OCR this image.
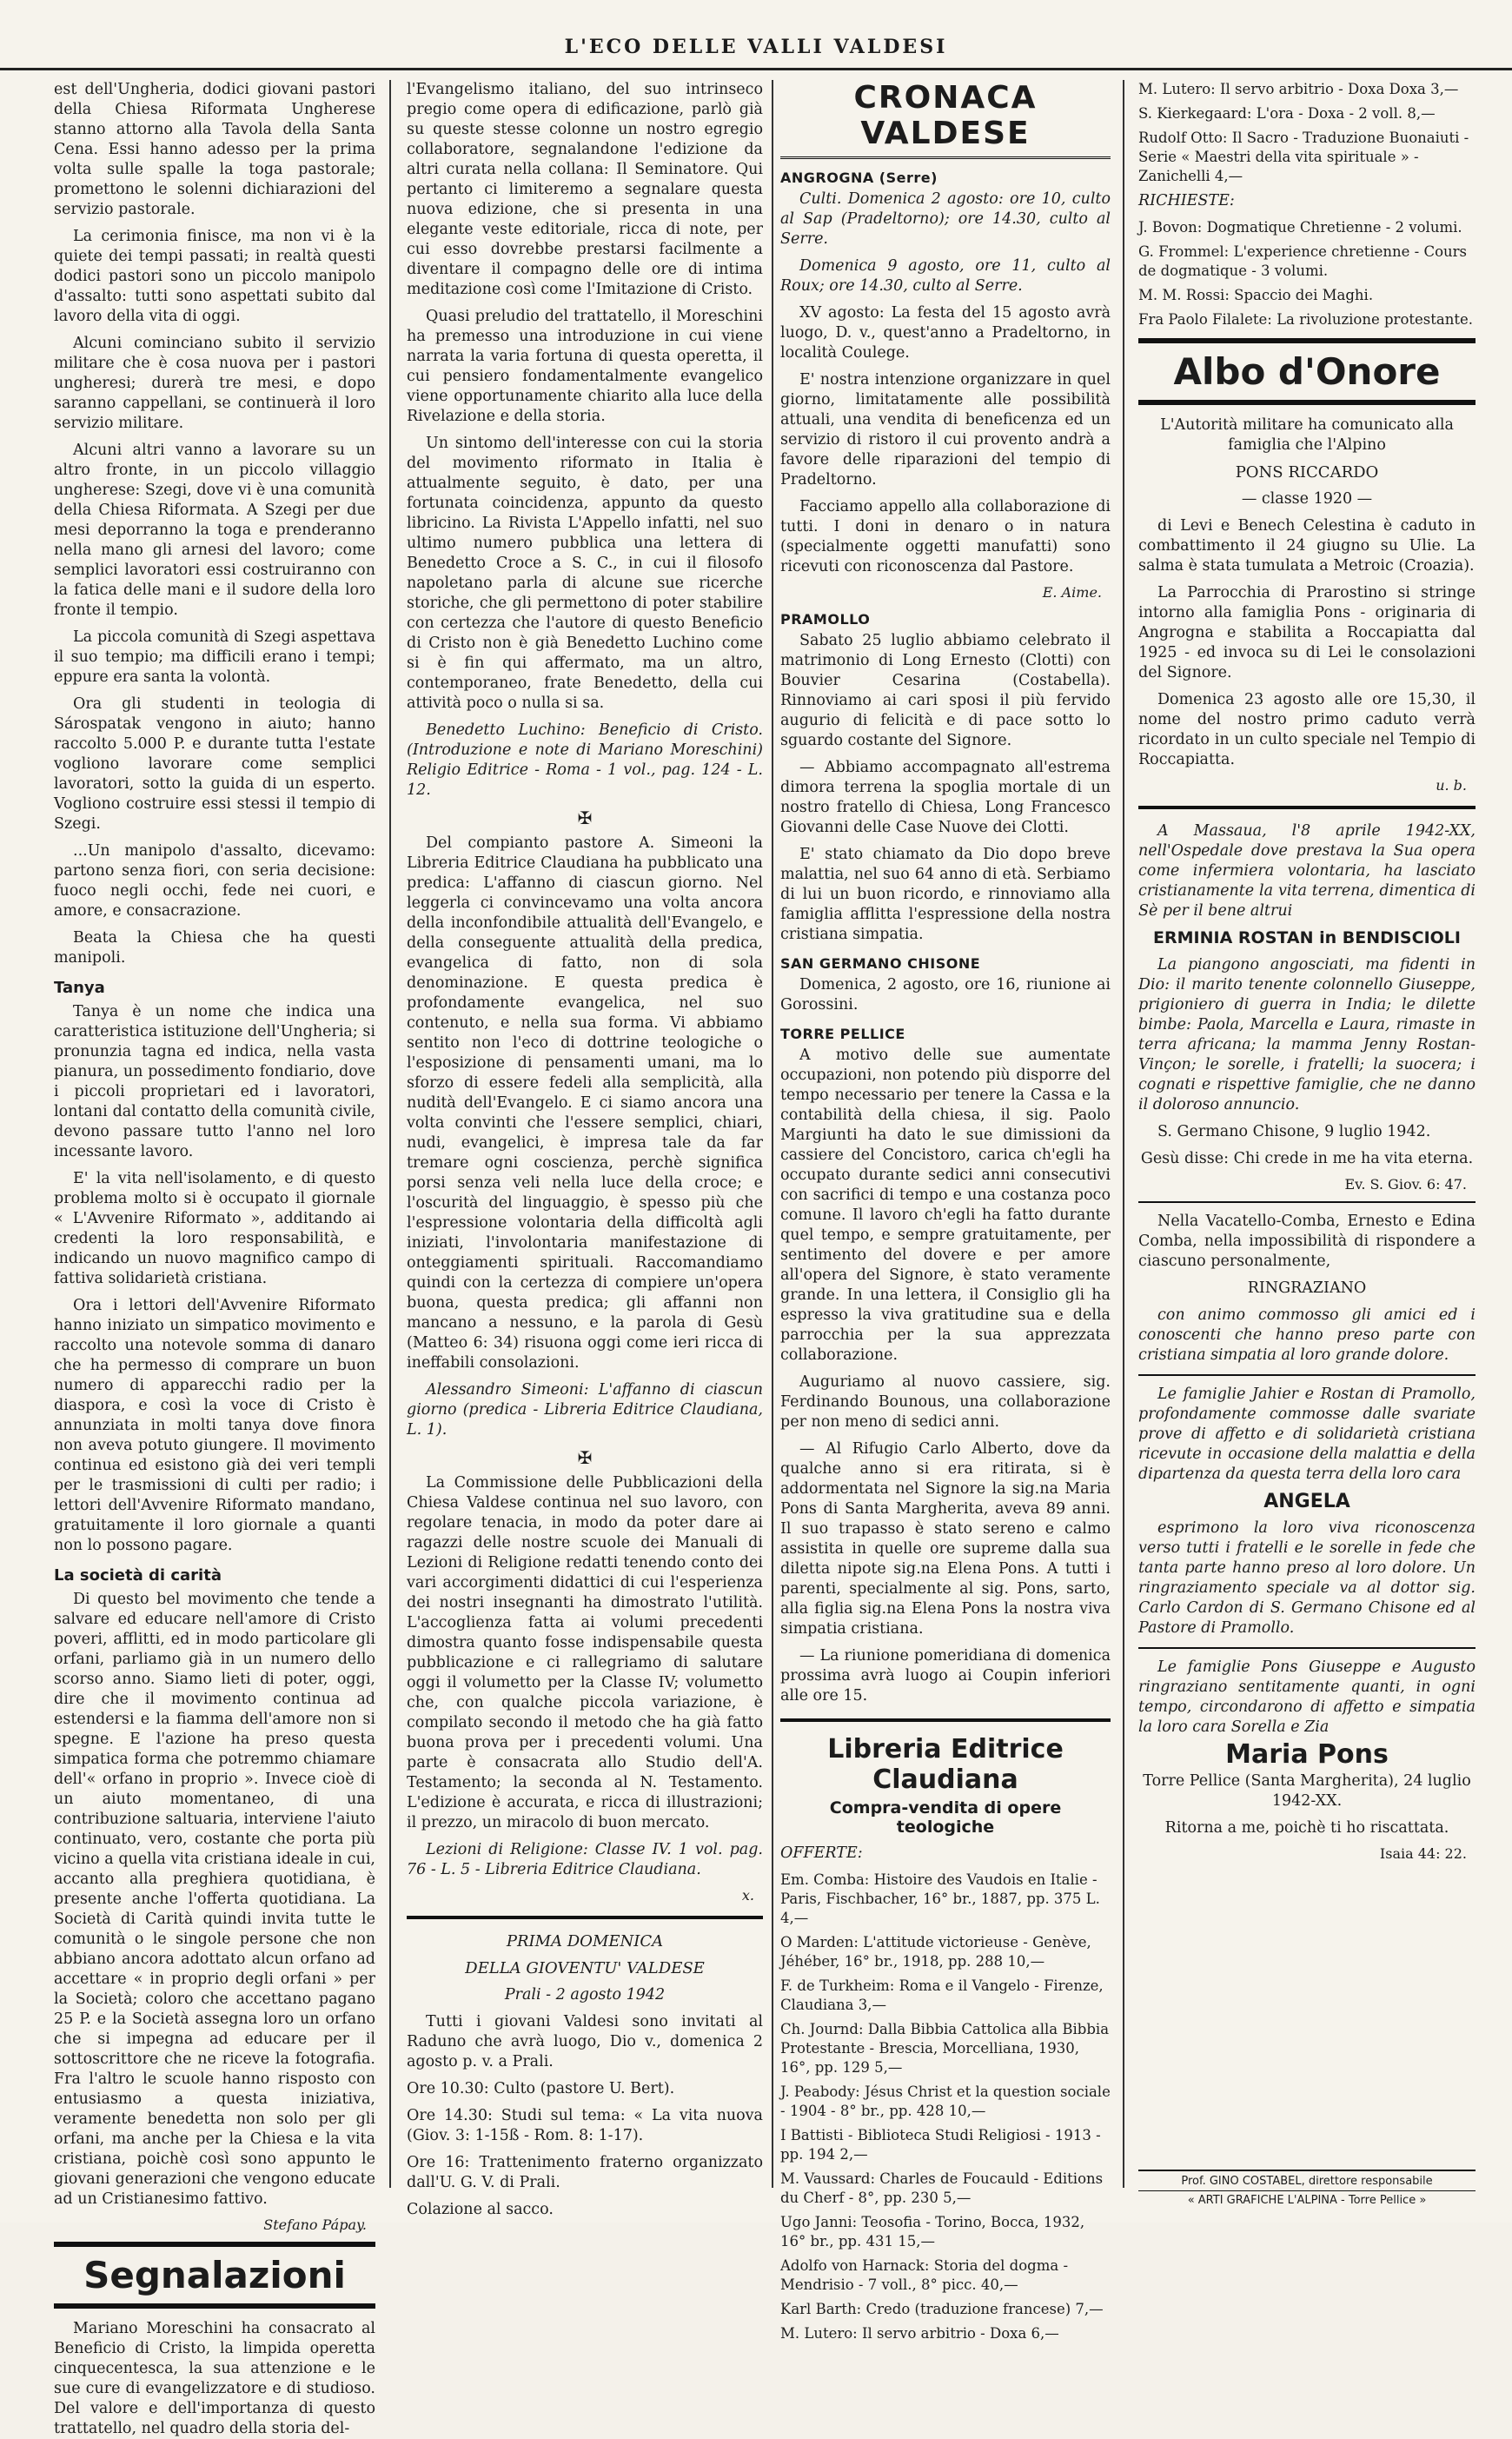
L'ECO DELLE VALLI VALDESI

est dell'Ungheria, dodici giovani pastori della Chiesa Riformata Ungherese stanno attorno alla Tavola della Santa Cena. Essi hanno adesso per la prima volta sulle spalle la toga pastorale; promettono le solenni dichiarazioni del servizio pastorale.

La cerimonia finisce, ma non vi è la quiete dei tempi passati; in realtà questi dodici pastori sono un piccolo manipolo d'assalto: tutti sono aspettati subito dal lavoro della vita di oggi.

Alcuni cominciano subito il servizio militare che è cosa nuova per i pastori ungheresi; durerà tre mesi, e dopo saranno cappellani, se continuerà il loro servizio militare.

Alcuni altri vanno a lavorare su un altro fronte, in un piccolo villaggio ungherese: Szegi, dove vi è una comunità della Chiesa Riformata. A Szegi per due mesi deporranno la toga e prenderanno nella mano gli arnesi del lavoro; come semplici lavoratori essi costruiranno con la fatica delle mani e il sudore della loro fronte il tempio.

La piccola comunità di Szegi aspettava il suo tempio; ma difficili erano i tempi; eppure era santa la volontà.

Ora gli studenti in teologia di Sárospatak vengono in aiuto; hanno raccolto 5.000 P. e durante tutta l'estate vogliono lavorare come semplici lavoratori, sotto la guida di un esperto. Vogliono costruire essi stessi il tempio di Szegi.

...Un manipolo d'assalto, dicevamo: partono senza fiori, con seria decisione: fuoco negli occhi, fede nei cuori, e amore, e consacrazione.

Beata la Chiesa che ha questi manipoli.

Tanya

Tanya è un nome che indica una caratteristica istituzione dell'Ungheria; si pronunzia tagna ed indica, nella vasta pianura, un possedimento fondiario, dove i piccoli proprietari ed i lavoratori, lontani dal contatto della comunità civile, devono passare tutto l'anno nel loro incessante lavoro.

E' la vita nell'isolamento, e di questo problema molto si è occupato il giornale « L'Avvenire Riformato », additando ai credenti la loro responsabilità, e indicando un nuovo magnifico campo di fattiva solidarietà cristiana.

Ora i lettori dell'Avvenire Riformato hanno iniziato un simpatico movimento e raccolto una notevole somma di danaro che ha permesso di comprare un buon numero di apparecchi radio per la diaspora, e così la voce di Cristo è annunziata in molti tanya dove finora non aveva potuto giungere. Il movimento continua ed esistono già dei veri templi per le trasmissioni di culti per radio; i lettori dell'Avvenire Riformato mandano, gratuitamente il loro giornale a quanti non lo possono pagare.

La società di carità

Di questo bel movimento che tende a salvare ed educare nell'amore di Cristo poveri, afflitti, ed in modo particolare gli orfani, parliamo già in un numero dello scorso anno. Siamo lieti di poter, oggi, dire che il movimento continua ad estendersi e la fiamma dell'amore non si spegne. E l'azione ha preso questa simpatica forma che potremmo chiamare dell'« orfano in proprio ». Invece cioè di un aiuto momentaneo, di una contribuzione saltuaria, interviene l'aiuto continuato, vero, costante che porta più vicino a quella vita cristiana ideale in cui, accanto alla preghiera quotidiana, è presente anche l'offerta quotidiana. La Società di Carità quindi invita tutte le comunità o le singole persone che non abbiano ancora adottato alcun orfano ad accettare « in proprio degli orfani » per la Società; coloro che accettano pagano 25 P. e la Società assegna loro un orfano che si impegna ad educare per il sottoscrittore che ne riceve la fotografia. Fra l'altro le scuole hanno risposto con entusiasmo a questa iniziativa, veramente benedetta non solo per gli orfani, ma anche per la Chiesa e la vita cristiana, poichè così sono appunto le giovani generazioni che vengono educate ad un Cristianesimo fattivo.

Stefano Pápay.
Segnalazioni

Mariano Moreschini ha consacrato al Beneficio di Cristo, la limpida operetta cinquecentesca, la sua attenzione e le sue cure di evangelizzatore e di studioso. Del valore e dell'importanza di questo trattatello, nel quadro della storia del-

l'Evangelismo italiano, del suo intrinseco pregio come opera di edificazione, parlò già su queste stesse colonne un nostro egregio collaboratore, segnalandone l'edizione da altri curata nella collana: Il Seminatore. Qui pertanto ci limiteremo a segnalare questa nuova edizione, che si presenta in una elegante veste editoriale, ricca di note, per cui esso dovrebbe prestarsi facilmente a diventare il compagno delle ore di intima meditazione così come l'Imitazione di Cristo.

Quasi preludio del trattatello, il Moreschini ha premesso una introduzione in cui viene narrata la varia fortuna di questa operetta, il cui pensiero fondamentalmente evangelico viene opportunamente chiarito alla luce della Rivelazione e della storia.

Un sintomo dell'interesse con cui la storia del movimento riformato in Italia è attualmente seguito, è dato, per una fortunata coincidenza, appunto da questo libricino. La Rivista L'Appello infatti, nel suo ultimo numero pubblica una lettera di Benedetto Croce a S. C., in cui il filosofo napoletano parla di alcune sue ricerche storiche, che gli permettono di poter stabilire con certezza che l'autore di questo Beneficio di Cristo non è già Benedetto Luchino come si è fin qui affermato, ma un altro, contemporaneo, frate Benedetto, della cui attività poco o nulla si sa.

Benedetto Luchino: Beneficio di Cristo. (Introduzione e note di Mariano Moreschini) Religio Editrice - Roma - 1 vol., pag. 124 - L. 12.

✠

Del compianto pastore A. Simeoni la Libreria Editrice Claudiana ha pubblicato una predica: L'affanno di ciascun giorno. Nel leggerla ci convincevamo una volta ancora della inconfondibile attualità dell'Evangelo, e della conseguente attualità della predica, evangelica di fatto, non di sola denominazione. E questa predica è profondamente evangelica, nel suo contenuto, e nella sua forma. Vi abbiamo sentito non l'eco di dottrine teologiche o l'esposizione di pensamenti umani, ma lo sforzo di essere fedeli alla semplicità, alla nudità dell'Evangelo. E ci siamo ancora una volta convinti che l'essere semplici, chiari, nudi, evangelici, è impresa tale da far tremare ogni coscienza, perchè significa porsi senza veli nella luce della croce; e l'oscurità del linguaggio, è spesso più che l'espressione volontaria della difficoltà agli iniziati, l'involontaria manifestazione di onteggiamenti spirituali. Raccomandiamo quindi con la certezza di compiere un'opera buona, questa predica; gli affanni non mancano a nessuno, e la parola di Gesù (Matteo 6: 34) risuona oggi come ieri ricca di ineffabili consolazioni.

Alessandro Simeoni: L'affanno di ciascun giorno (predica - Libreria Editrice Claudiana, L. 1).

✠

La Commissione delle Pubblicazioni della Chiesa Valdese continua nel suo lavoro, con regolare tenacia, in modo da poter dare ai ragazzi delle nostre scuole dei Manuali di Lezioni di Religione redatti tenendo conto dei vari accorgimenti didattici di cui l'esperienza dei nostri insegnanti ha dimostrato l'utilità. L'accoglienza fatta ai volumi precedenti dimostra quanto fosse indispensabile questa pubblicazione e ci rallegriamo di salutare oggi il volumetto per la Classe IV; volumetto che, con qualche piccola variazione, è compilato secondo il metodo che ha già fatto buona prova per i precedenti volumi. Una parte è consacrata allo Studio dell'A. Testamento; la seconda al N. Testamento. L'edizione è accurata, e ricca di illustrazioni; il prezzo, un miracolo di buon mercato.

Lezioni di Religione: Classe IV. 1 vol. pag. 76 - L. 5 - Libreria Editrice Claudiana.

x.

PRIMA DOMENICA

DELLA GIOVENTU' VALDESE

Prali - 2 agosto 1942

Tutti i giovani Valdesi sono invitati al Raduno che avrà luogo, Dio v., domenica 2 agosto p. v. a Prali.

Ore 10.30: Culto (pastore U. Bert).

Ore 14.30: Studi sul tema: « La vita nuova (Giov. 3: 1-15ß - Rom. 8: 1-17).

Ore 16: Trattenimento fraterno organizzato dall'U. G. V. di Prali.

Colazione al sacco.

CRONACA VALDESE
ANGROGNA (Serre)

Culti. Domenica 2 agosto: ore 10, culto al Sap (Pradeltorno); ore 14.30, culto al Serre.

Domenica 9 agosto, ore 11, culto al Roux; ore 14.30, culto al Serre.

XV agosto: La festa del 15 agosto avrà luogo, D. v., quest'anno a Pradeltorno, in località Coulege.

E' nostra intenzione organizzare in quel giorno, limitatamente alle possibilità attuali, una vendita di beneficenza ed un servizio di ristoro il cui provento andrà a favore delle riparazioni del tempio di Pradeltorno.

Facciamo appello alla collaborazione di tutti. I doni in denaro o in natura (specialmente oggetti manufatti) sono ricevuti con riconoscenza dal Pastore.

E. Aime.
PRAMOLLO

Sabato 25 luglio abbiamo celebrato il matrimonio di Long Ernesto (Clotti) con Bouvier Cesarina (Costabella). Rinnoviamo ai cari sposi il più fervido augurio di felicità e di pace sotto lo sguardo costante del Signore.

— Abbiamo accompagnato all'estrema dimora terrena la spoglia mortale di un nostro fratello di Chiesa, Long Francesco Giovanni delle Case Nuove dei Clotti.

E' stato chiamato da Dio dopo breve malattia, nel suo 64 anno di età. Serbiamo di lui un buon ricordo, e rinnoviamo alla famiglia afflitta l'espressione della nostra cristiana simpatia.

SAN GERMANO CHISONE

Domenica, 2 agosto, ore 16, riunione ai Gorossini.

TORRE PELLICE

A motivo delle sue aumentate occupazioni, non potendo più disporre del tempo necessario per tenere la Cassa e la contabilità della chiesa, il sig. Paolo Margiunti ha dato le sue dimissioni da cassiere del Concistoro, carica ch'egli ha occupato durante sedici anni consecutivi con sacrifici di tempo e una costanza poco comune. Il lavoro ch'egli ha fatto durante quel tempo, e sempre gratuitamente, per sentimento del dovere e per amore all'opera del Signore, è stato veramente grande. In una lettera, il Consiglio gli ha espresso la viva gratitudine sua e della parrocchia per la sua apprezzata collaborazione.

Auguriamo al nuovo cassiere, sig. Ferdinando Bounous, una collaborazione per non meno di sedici anni.

— Al Rifugio Carlo Alberto, dove da qualche anno si era ritirata, si è addormentata nel Signore la sig.na Maria Pons di Santa Margherita, aveva 89 anni. Il suo trapasso è stato sereno e calmo assistita in quelle ore supreme dalla sua diletta nipote sig.na Elena Pons. A tutti i parenti, specialmente al sig. Pons, sarto, alla figlia sig.na Elena Pons la nostra viva simpatia cristiana.

— La riunione pomeridiana di domenica prossima avrà luogo ai Coupin inferiori alle ore 15.

Libreria Editrice Claudiana
Compra-vendita di opere teologiche

OFFERTE:

Em. Comba: Histoire des Vaudois en Italie - Paris, Fischbacher, 16° br., 1887, pp. 375 L. 4,—
O Marden: L'attitude victorieuse - Genève, Jéhéber, 16° br., 1918, pp. 288 10,—
F. de Turkheim: Roma e il Vangelo - Firenze, Claudiana 3,—
Ch. Journd: Dalla Bibbia Cattolica alla Bibbia Protestante - Brescia, Morcelliana, 1930, 16°, pp. 129 5,—
J. Peabody: Jésus Christ et la question sociale - 1904 - 8° br., pp. 428 10,—
I Battisti - Biblioteca Studi Religiosi - 1913 - pp. 194 2,—
M. Vaussard: Charles de Foucauld - Editions du Cherf - 8°, pp. 230 5,—
Ugo Janni: Teosofia - Torino, Bocca, 1932, 16° br., pp. 431 15,—
Adolfo von Harnack: Storia del dogma - Mendrisio - 7 voll., 8° picc. 40,—
Karl Barth: Credo (traduzione francese) 7,—
M. Lutero: Il servo arbitrio - Doxa 6,—
M. Lutero: Il servo arbitrio - Doxa Doxa 3,—
S. Kierkegaard: L'ora - Doxa - 2 voll. 8,—
Rudolf Otto: Il Sacro - Traduzione Buonaiuti - Serie « Maestri della vita spirituale » - Zanichelli 4,—

RICHIESTE:

J. Bovon: Dogmatique Chretienne - 2 volumi.
G. Frommel: L'experience chretienne - Cours de dogmatique - 3 volumi.
M. M. Rossi: Spaccio dei Maghi.
Fra Paolo Filalete: La rivoluzione protestante.
Albo d'Onore

L'Autorità militare ha comunicato alla famiglia che l'Alpino

PONS RICCARDO

— classe 1920 —

di Levi e Benech Celestina è caduto in combattimento il 24 giugno su Ulie. La salma è stata tumulata a Metroic (Croazia).

La Parrocchia di Prarostino si stringe intorno alla famiglia Pons - originaria di Angrogna e stabilita a Roccapiatta dal 1925 - ed invoca su di Lei le consolazioni del Signore.

Domenica 23 agosto alle ore 15,30, il nome del nostro primo caduto verrà ricordato in un culto speciale nel Tempio di Roccapiatta.

u. b.

A Massaua, l'8 aprile 1942-XX, nell'Ospedale dove prestava la Sua opera come infermiera volontaria, ha lasciato cristianamente la vita terrena, dimentica di Sè per il bene altrui

ERMINIA ROSTAN in BENDISCIOLI

La piangono angosciati, ma fidenti in Dio: il marito tenente colonnello Giuseppe, prigioniero di guerra in India; le dilette bimbe: Paola, Marcella e Laura, rimaste in terra africana; la mamma Jenny Rostan-Vinçon; le sorelle, i fratelli; la suocera; i cognati e rispettive famiglie, che ne danno il doloroso annuncio.

S. Germano Chisone, 9 luglio 1942.

Gesù disse: Chi crede in me ha vita eterna.

Ev. S. Giov. 6: 47.

Nella Vacatello-Comba, Ernesto e Edina Comba, nella impossibilità di rispondere a ciascuno personalmente,

RINGRAZIANO

con animo commosso gli amici ed i conoscenti che hanno preso parte con cristiana simpatia al loro grande dolore.

Le famiglie Jahier e Rostan di Pramollo, profondamente commosse dalle svariate prove di affetto e di solidarietà cristiana ricevute in occasione della malattia e della dipartenza da questa terra della loro cara

ANGELA

esprimono la loro viva riconoscenza verso tutti i fratelli e le sorelle in fede che tanta parte hanno preso al loro dolore. Un ringraziamento speciale va al dottor sig. Carlo Cardon di S. Germano Chisone ed al Pastore di Pramollo.

Le famiglie Pons Giuseppe e Augusto ringraziano sentitamente quanti, in ogni tempo, circondarono di affetto e simpatia la loro cara Sorella e Zia

Maria Pons

Torre Pellice (Santa Margherita), 24 luglio 1942-XX.

Ritorna a me, poichè ti ho riscattata.

Isaia 44: 22.
Prof. GINO COSTABEL, direttore responsabile
« ARTI GRAFICHE L'ALPINA - Torre Pellice »
